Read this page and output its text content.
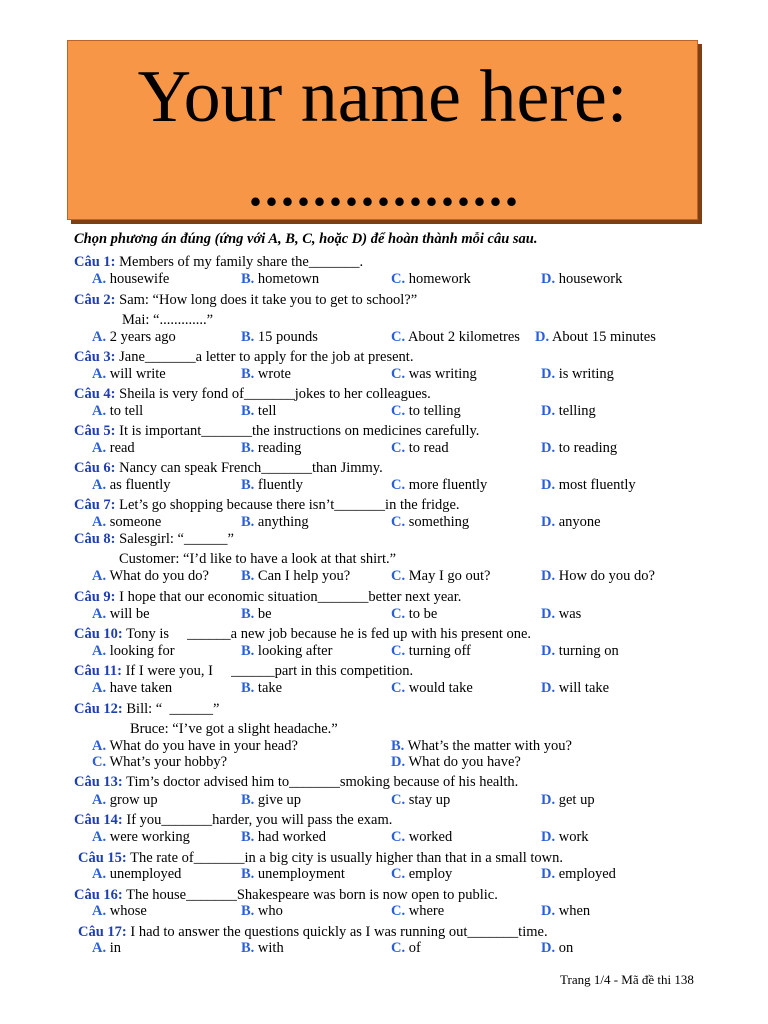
Your name here:
.................
Chọn phương án đúng (ứng với A, B, C, hoặc D) để hoàn thành mỗi câu sau.
Câu 1: Members of my family share the_______.
A. housewife	B. hometown	C. homework	D. housework
Câu 2: Sam: “How long does it take you to get to school?”
Mai: “.............”
A. 2 years ago	B. 15 pounds	C. About 2 kilometres D. About 15 minutes
Câu 3: Jane_______a letter to apply for the job at present.
A. will write	B. wrote	C. was writing	D. is writing
Câu 4: Sheila is very fond of_______jokes to her colleagues.
A. to tell	B. tell	C. to telling	D. telling
Câu 5: It is important_______the instructions on medicines carefully.
A. read	B. reading	C. to read	D. to reading
Câu 6: Nancy can speak French_______than Jimmy.
A. as fluently	B. fluently	C. more fluently	D. most fluently
Câu 7: Let’s go shopping because there isn’t_______in the fridge.
A. someone	B. anything	C. something	D. anyone
Câu 8: Salesgirl: “______”
Customer: “I’d like to have a look at that shirt.”
A. What do you do? B. Can I help you?	C. May I go out?	D. How do you do?
Câu 9: I hope that our economic situation_______better next year.
A. will be	B. be	C. to be	D. was
Câu 10: Tony is     ______a new job because he is fed up with his present one.
A. looking for	B. looking after	C. turning off	D. turning on
Câu 11: If I were you, I     ______part in this competition.
A. have taken	B. take	C. would take	D. will take
Câu 12: Bill: “  ______”
Bruce: “I’ve got a slight headache.”
A. What do you have in your head?	B. What’s the matter with you?
C. What’s your hobby?	D. What do you have?
Câu 13: Tim’s doctor advised him to_______smoking because of his health.
A. grow up	B. give up	C. stay up	D. get up
Câu 14: If you_______harder, you will pass the exam.
A. were working	B. had worked	C. worked	D. work
Câu 15: The rate of_______in a big city is usually higher than that in a small town.
A. unemployed	B. unemployment	C. employ	D. employed
Câu 16: The house_______Shakespeare was born is now open to public.
A. whose	B. who	C. where	D. when
Câu 17: I had to answer the questions quickly as I was running out_______time.
A. in	B. with	C. of	D. on
Trang 1/4 - Mã đề thi 138
